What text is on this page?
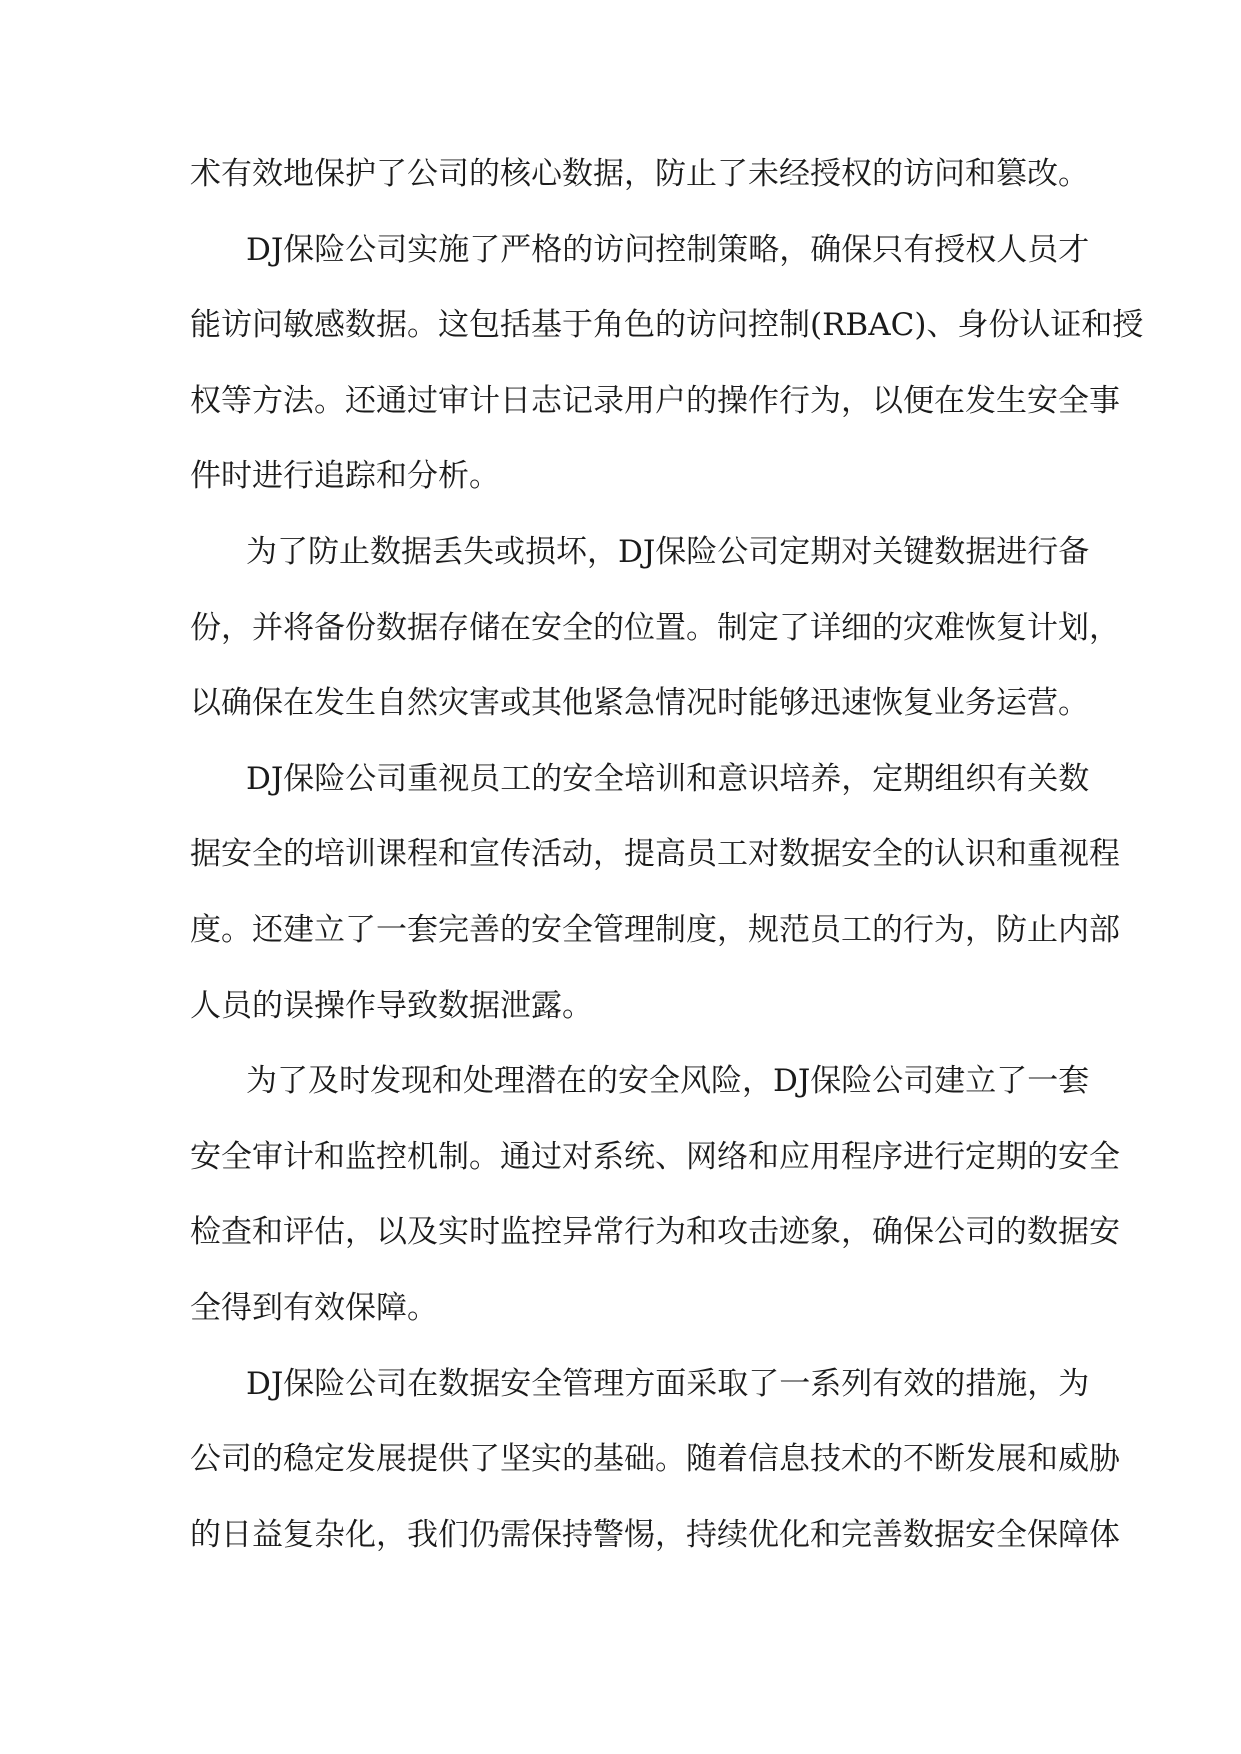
术有效地保护了公司的核心数据，防止了未经授权的访问和篡改。
DJ保险公司实施了严格的访问控制策略，确保只有授权人员才
能访问敏感数据。这包括基于角色的访问控制(RBAC)、身份认证和授
权等方法。还通过审计日志记录用户的操作行为，以便在发生安全事
件时进行追踪和分析。
为了防止数据丢失或损坏，DJ保险公司定期对关键数据进行备
份，并将备份数据存储在安全的位置。制定了详细的灾难恢复计划，
以确保在发生自然灾害或其他紧急情况时能够迅速恢复业务运营。
DJ保险公司重视员工的安全培训和意识培养，定期组织有关数
据安全的培训课程和宣传活动，提高员工对数据安全的认识和重视程
度。还建立了一套完善的安全管理制度，规范员工的行为，防止内部
人员的误操作导致数据泄露。
为了及时发现和处理潜在的安全风险，DJ保险公司建立了一套
安全审计和监控机制。通过对系统、网络和应用程序进行定期的安全
检查和评估，以及实时监控异常行为和攻击迹象，确保公司的数据安
全得到有效保障。
DJ保险公司在数据安全管理方面采取了一系列有效的措施，为
公司的稳定发展提供了坚实的基础。随着信息技术的不断发展和威胁
的日益复杂化，我们仍需保持警惕，持续优化和完善数据安全保障体
